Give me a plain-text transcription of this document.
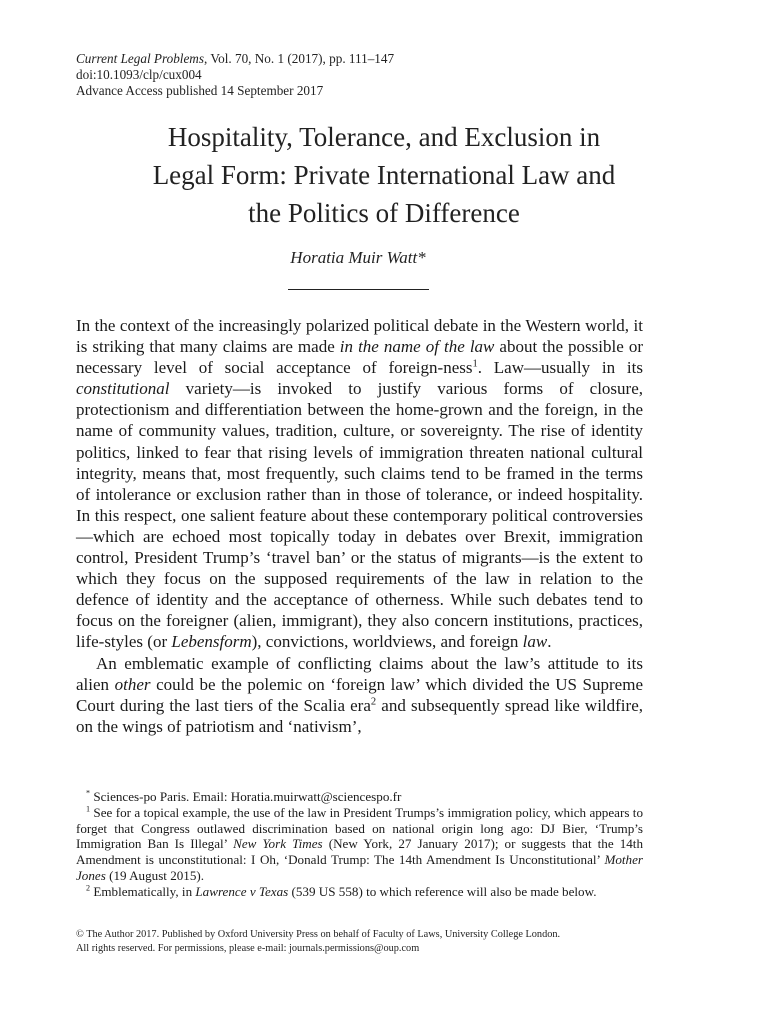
Current Legal Problems, Vol. 70, No. 1 (2017), pp. 111–147
doi:10.1093/clp/cux004
Advance Access published 14 September 2017
Hospitality, Tolerance, and Exclusion in
Legal Form: Private International Law and
the Politics of Difference
Horatia Muir Watt*

In the context of the increasingly polarized political debate in the Western world, it is striking that many claims are made in the name of the law about the possible or necessary level of social acceptance of foreign-ness$^1$. Law—usually in its constitutional variety—is invoked to justify various forms of closure, protectionism and differentiation between the home-grown and the foreign, in the name of community values, tradition, culture, or sovereignty. The rise of identity politics, linked to fear that rising levels of immigration threaten national cultural integrity, means that, most frequently, such claims tend to be framed in the terms of intolerance or exclusion rather than in those of tolerance, or indeed hospitality. In this respect, one salient feature about these contemporary political controversies—which are echoed most topically today in debates over Brexit, immigration control, President Trump’s ‘travel ban’ or the status of migrants—is the extent to which they focus on the supposed requirements of the law in relation to the defence of identity and the acceptance of otherness. While such debates tend to focus on the foreigner (alien, immigrant), they also concern institutions, practices, life-styles (or Lebensform), convictions, worldviews, and foreign law.

An emblematic example of conflicting claims about the law’s attitude to its alien other could be the polemic on ‘foreign law’ which divided the US Supreme Court during the last tiers of the Scalia era$^2$ and subsequently spread like wildfire, on the wings of patriotism and ‘nativism’,

* Sciences-po Paris. Email: Horatia.muirwatt@sciencespo.fr

$^1$ See for a topical example, the use of the law in President Trumps’s immigration policy, which appears to forget that Congress outlawed discrimination based on national origin long ago: DJ Bier, ‘Trump’s Immigration Ban Is Illegal’ New York Times (New York, 27 January 2017); or suggests that the 14th Amendment is unconstitutional: I Oh, ‘Donald Trump: The 14th Amendment Is Unconstitutional’ Mother Jones (19 August 2015).

$^2$ Emblematically, in Lawrence v Texas (539 US 558) to which reference will also be made below.

© The Author 2017. Published by Oxford University Press on behalf of Faculty of Laws, University College London.

All rights reserved. For permissions, please e-mail: journals.permissions@oup.com
